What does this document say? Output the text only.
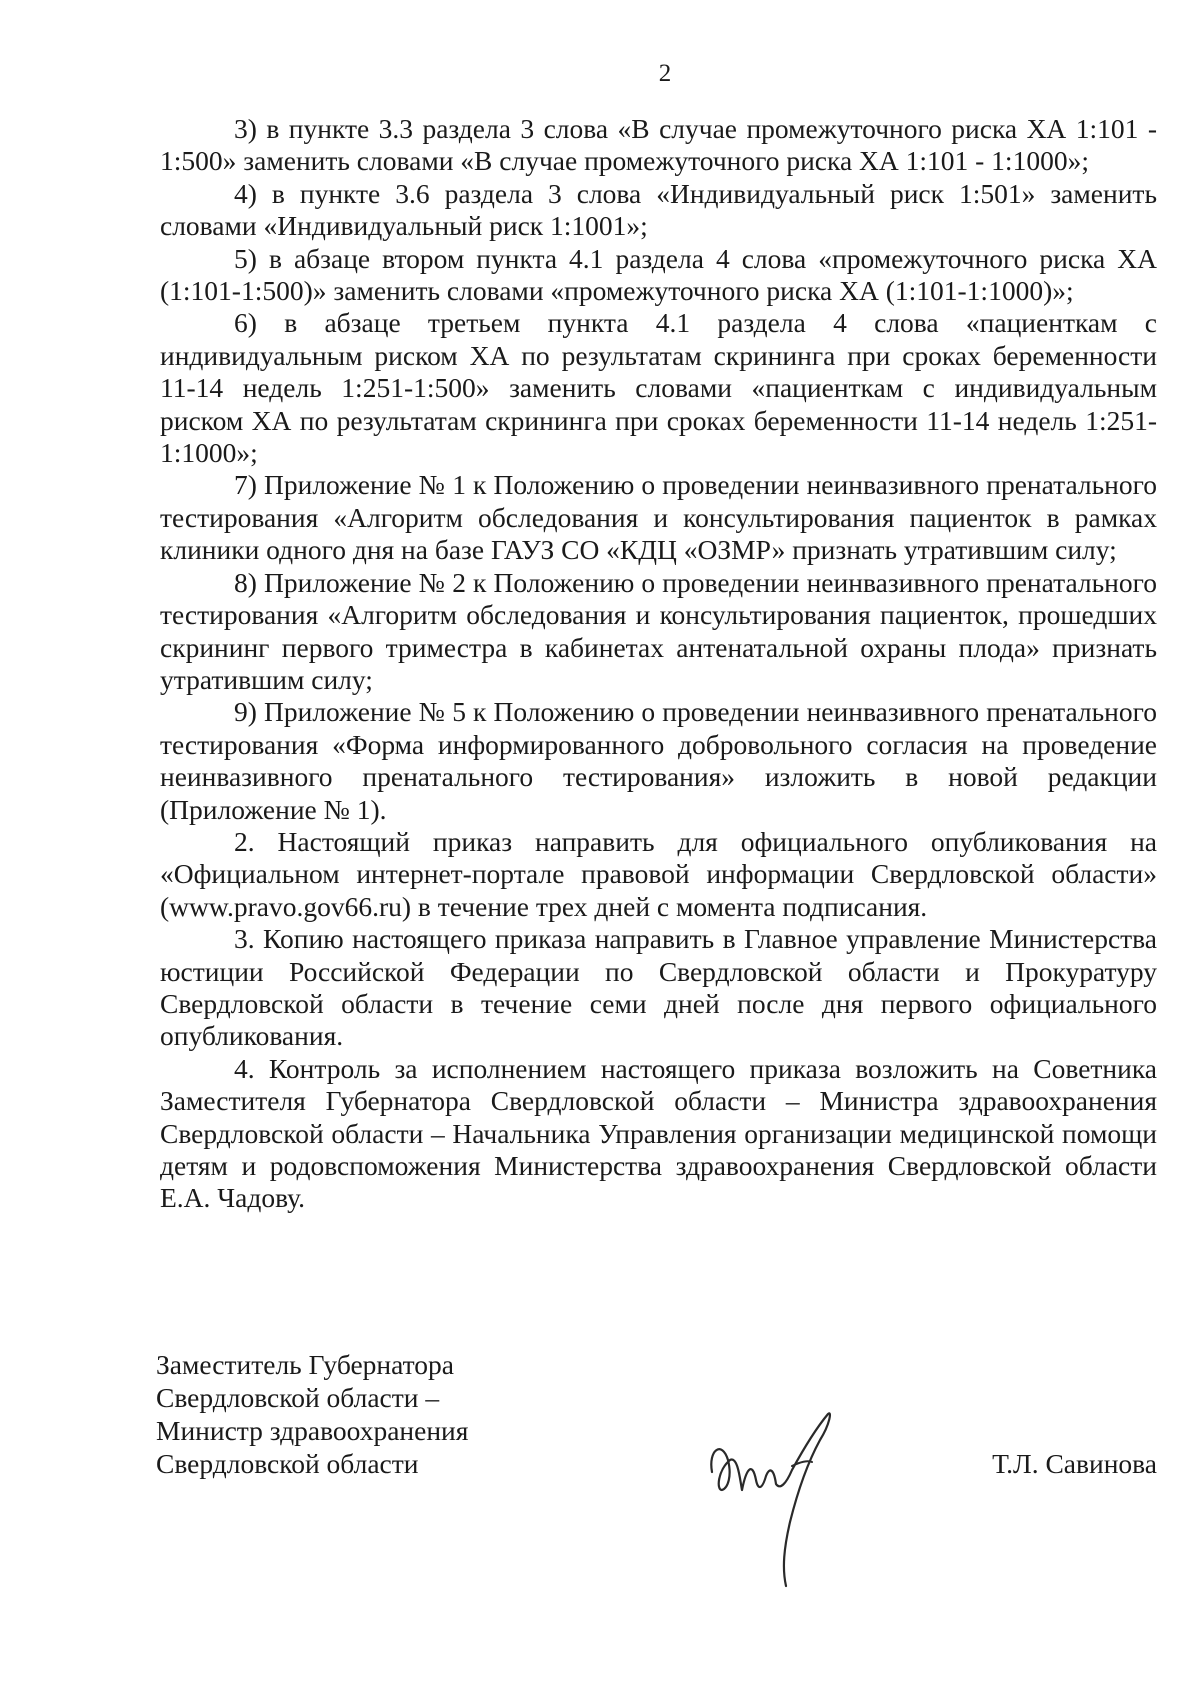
2

3) в пункте 3.3 раздела 3 слова «В случае промежуточного риска ХА 1:101 - 1:500» заменить словами «В случае промежуточного риска ХА 1:101 - 1:1000»;

4) в пункте 3.6 раздела 3 слова «Индивидуальный риск 1:501» заменить словами «Индивидуальный риск 1:1001»;

5) в абзаце втором пункта 4.1 раздела 4 слова «промежуточного риска ХА (1:101-1:500)» заменить словами «промежуточного риска ХА (1:101-1:1000)»;

6) в абзаце третьем пункта 4.1 раздела 4 слова «пациенткам с индивидуальным риском ХА по результатам скрининга при сроках беременности 11-14 недель 1:251-1:500» заменить словами «пациенткам с индивидуальным риском ХА по результатам скрининга при сроках беременности 11-14 недель 1:251-1:1000»;

7) Приложение № 1 к Положению о проведении неинвазивного пренатального тестирования «Алгоритм обследования и консультирования пациенток в рамках клиники одного дня на базе ГАУЗ СО «КДЦ «ОЗМР» признать утратившим силу;

8) Приложение № 2 к Положению о проведении неинвазивного пренатального тестирования «Алгоритм обследования и консультирования пациенток, прошедших скрининг первого триместра в кабинетах антенатальной охраны плода» признать утратившим силу;

9) Приложение № 5 к Положению о проведении неинвазивного пренатального тестирования «Форма информированного добровольного согласия на проведение неинвазивного пренатального тестирования» изложить в новой редакции (Приложение № 1).

2. Настоящий приказ направить для официального опубликования на «Официальном интернет-портале правовой информации Свердловской области» (www.pravo.gov66.ru) в течение трех дней с момента подписания.

3. Копию настоящего приказа направить в Главное управление Министерства юстиции Российской Федерации по Свердловской области и Прокуратуру Свердловской области в течение семи дней после дня первого официального опубликования.

4. Контроль за исполнением настоящего приказа возложить на Советника Заместителя Губернатора Свердловской области – Министра здравоохранения Свердловской области – Начальника Управления организации медицинской помощи детям и родовспоможения Министерства здравоохранения Свердловской области Е.А. Чадову.

Заместитель Губернатора
Свердловской области –
Министр здравоохранения
Свердловской области	Т.Л. Савинова
